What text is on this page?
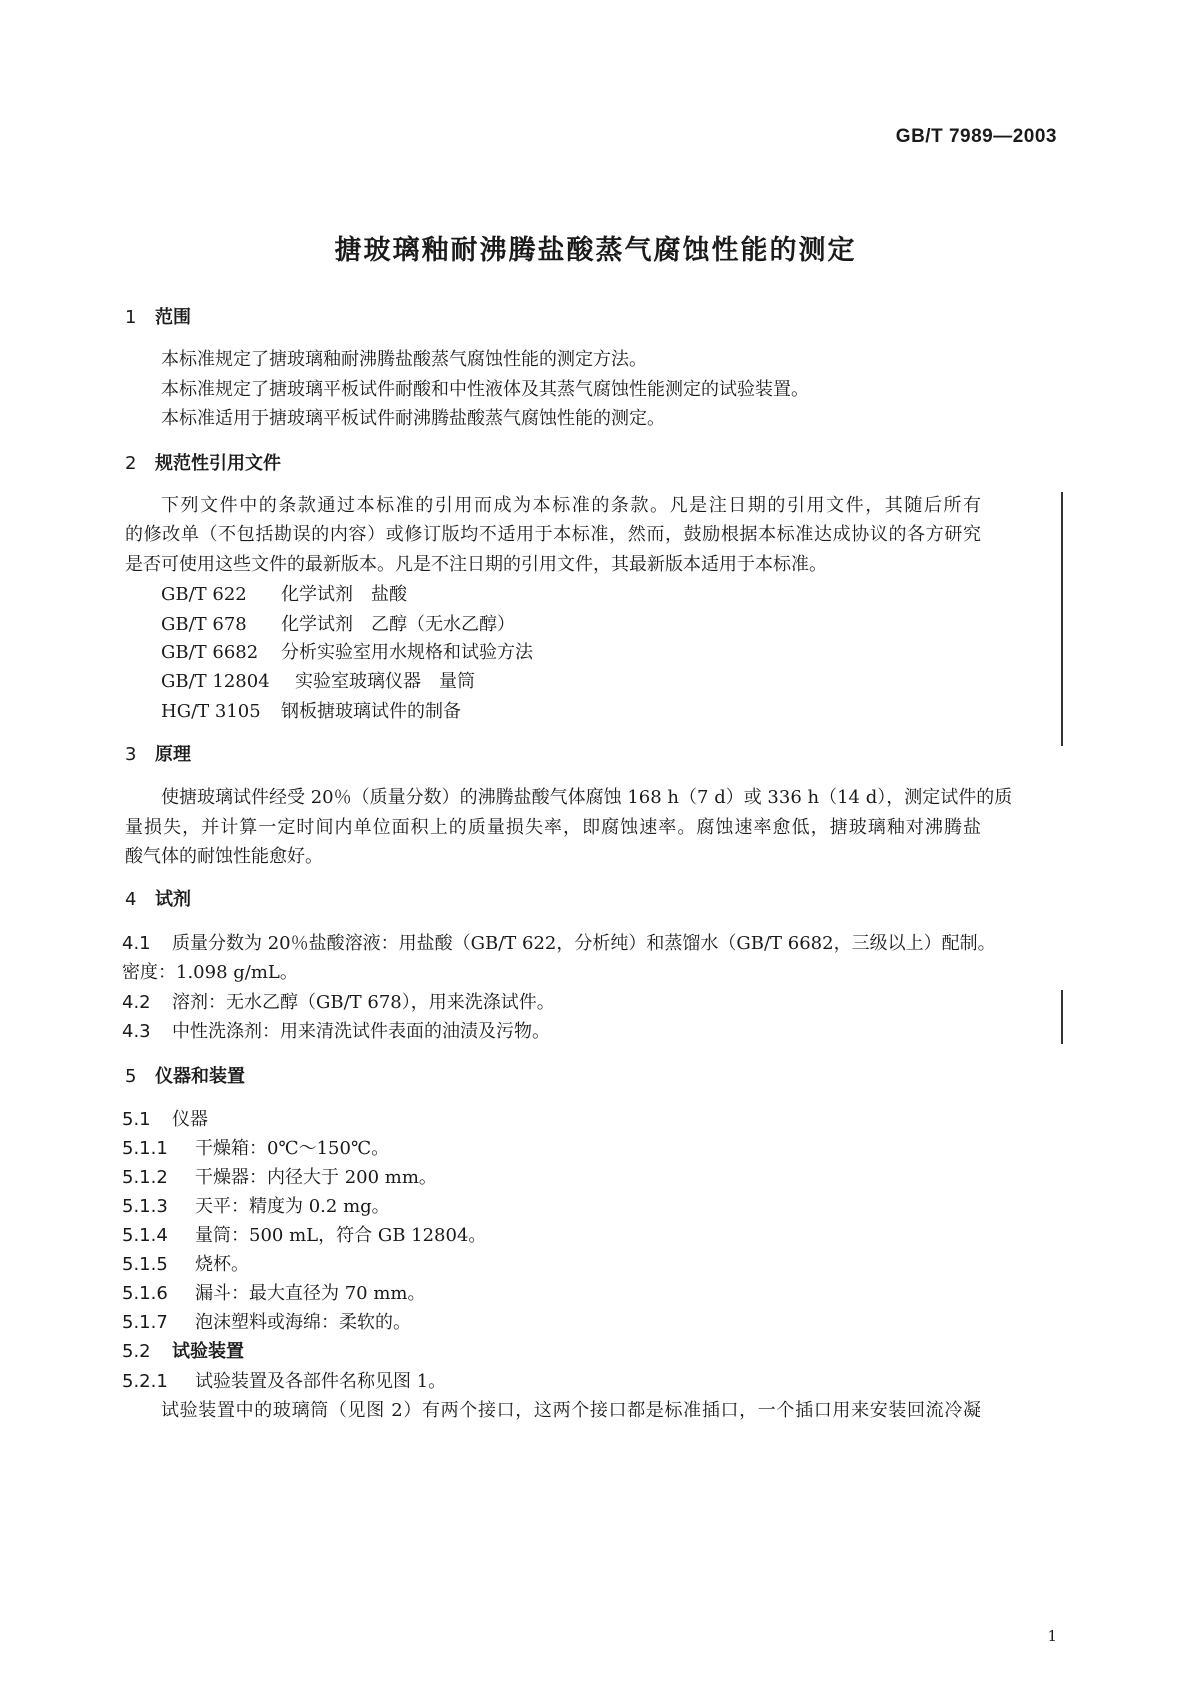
GB/T 7989—2003
搪玻璃釉耐沸腾盐酸蒸气腐蚀性能的测定
1 范围
本标准规定了搪玻璃釉耐沸腾盐酸蒸气腐蚀性能的测定方法。
本标准规定了搪玻璃平板试件耐酸和中性液体及其蒸气腐蚀性能测定的试验装置。
本标准适用于搪玻璃平板试件耐沸腾盐酸蒸气腐蚀性能的测定。
2 规范性引用文件
下列文件中的条款通过本标准的引用而成为本标准的条款。凡是注日期的引用文件，其随后所有
的修改单（不包括勘误的内容）或修订版均不适用于本标准，然而，鼓励根据本标准达成协议的各方研究
是否可使用这些文件的最新版本。凡是不注日期的引用文件，其最新版本适用于本标准。
GB/T 622 化学试剂 盐酸
GB/T 678 化学试剂 乙醇（无水乙醇）
GB/T 6682 分析实验室用水规格和试验方法
GB/T 12804 实验室玻璃仪器 量筒
HG/T 3105 钢板搪玻璃试件的制备
3 原理
使搪玻璃试件经受 20％（质量分数）的沸腾盐酸气体腐蚀 168 h（7 d）或 336 h（14 d），测定试件的质
量损失，并计算一定时间内单位面积上的质量损失率，即腐蚀速率。腐蚀速率愈低，搪玻璃釉对沸腾盐
酸气体的耐蚀性能愈好。
4 试剂
4.1 质量分数为 20％盐酸溶液：用盐酸（GB/T 622，分析纯）和蒸馏水（GB/T 6682，三级以上）配制。
密度：1.098 g/mL。
4.2 溶剂：无水乙醇（GB/T 678），用来洗涤试件。
4.3 中性洗涤剂：用来清洗试件表面的油渍及污物。
5 仪器和装置
5.1 仪器
5.1.1 干燥箱：0℃～150℃。
5.1.2 干燥器：内径大于 200 mm。
5.1.3 天平：精度为 0.2 mg。
5.1.4 量筒：500 mL，符合 GB 12804。
5.1.5 烧杯。
5.1.6 漏斗：最大直径为 70 mm。
5.1.7 泡沫塑料或海绵：柔软的。
5.2 试验装置
5.2.1 试验装置及各部件名称见图 1。
试验装置中的玻璃筒（见图 2）有两个接口，这两个接口都是标准插口，一个插口用来安装回流冷凝
1
